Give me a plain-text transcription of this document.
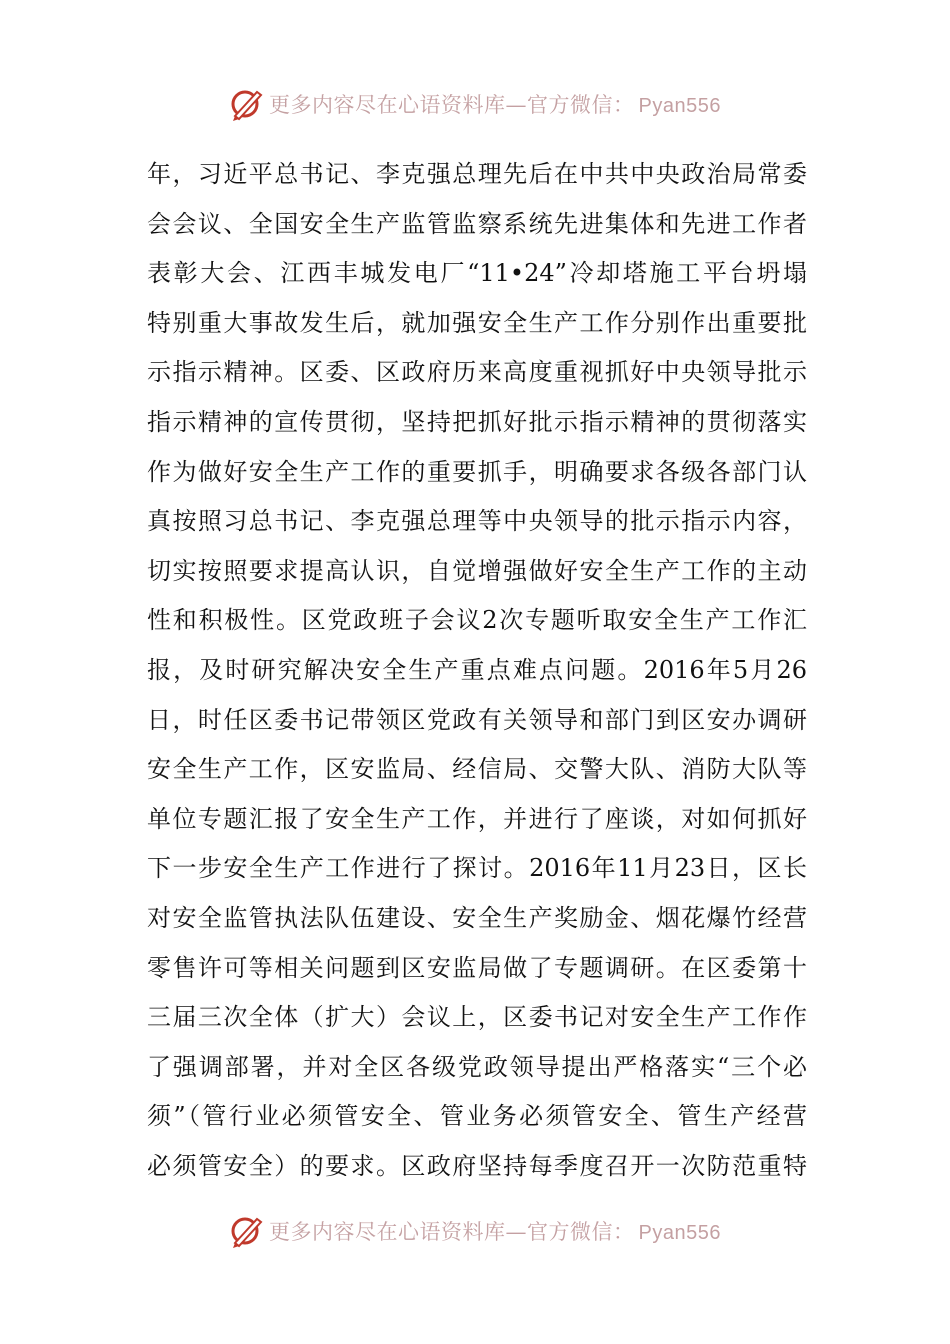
更多内容尽在心语资料库—官方微信： Pyan556
年，习近平总书记、李克强总理先后在中共中央政治局常委
会会议、全国安全生产监管监察系统先进集体和先进工作者
表彰大会、江西丰城发电厂“11•24”冷却塔施工平台坍塌
特别重大事故发生后，就加强安全生产工作分别作出重要批
示指示精神。区委、区政府历来高度重视抓好中央领导批示
指示精神的宣传贯彻，坚持把抓好批示指示精神的贯彻落实
作为做好安全生产工作的重要抓手，明确要求各级各部门认
真按照习总书记、李克强总理等中央领导的批示指示内容，
切实按照要求提高认识，自觉增强做好安全生产工作的主动
性和积极性。区党政班子会议2次专题听取安全生产工作汇
报，及时研究解决安全生产重点难点问题。2016年5月26
日，时任区委书记带领区党政有关领导和部门到区安办调研
安全生产工作，区安监局、经信局、交警大队、消防大队等
单位专题汇报了安全生产工作，并进行了座谈，对如何抓好
下一步安全生产工作进行了探讨。2016年11月23日，区长
对安全监管执法队伍建设、安全生产奖励金、烟花爆竹经营
零售许可等相关问题到区安监局做了专题调研。在区委第十
三届三次全体（扩大）会议上，区委书记对安全生产工作作
了强调部署，并对全区各级党政领导提出严格落实“三个必
须”（管行业必须管安全、管业务必须管安全、管生产经营
必须管安全）的要求。区政府坚持每季度召开一次防范重特
更多内容尽在心语资料库—官方微信： Pyan556
